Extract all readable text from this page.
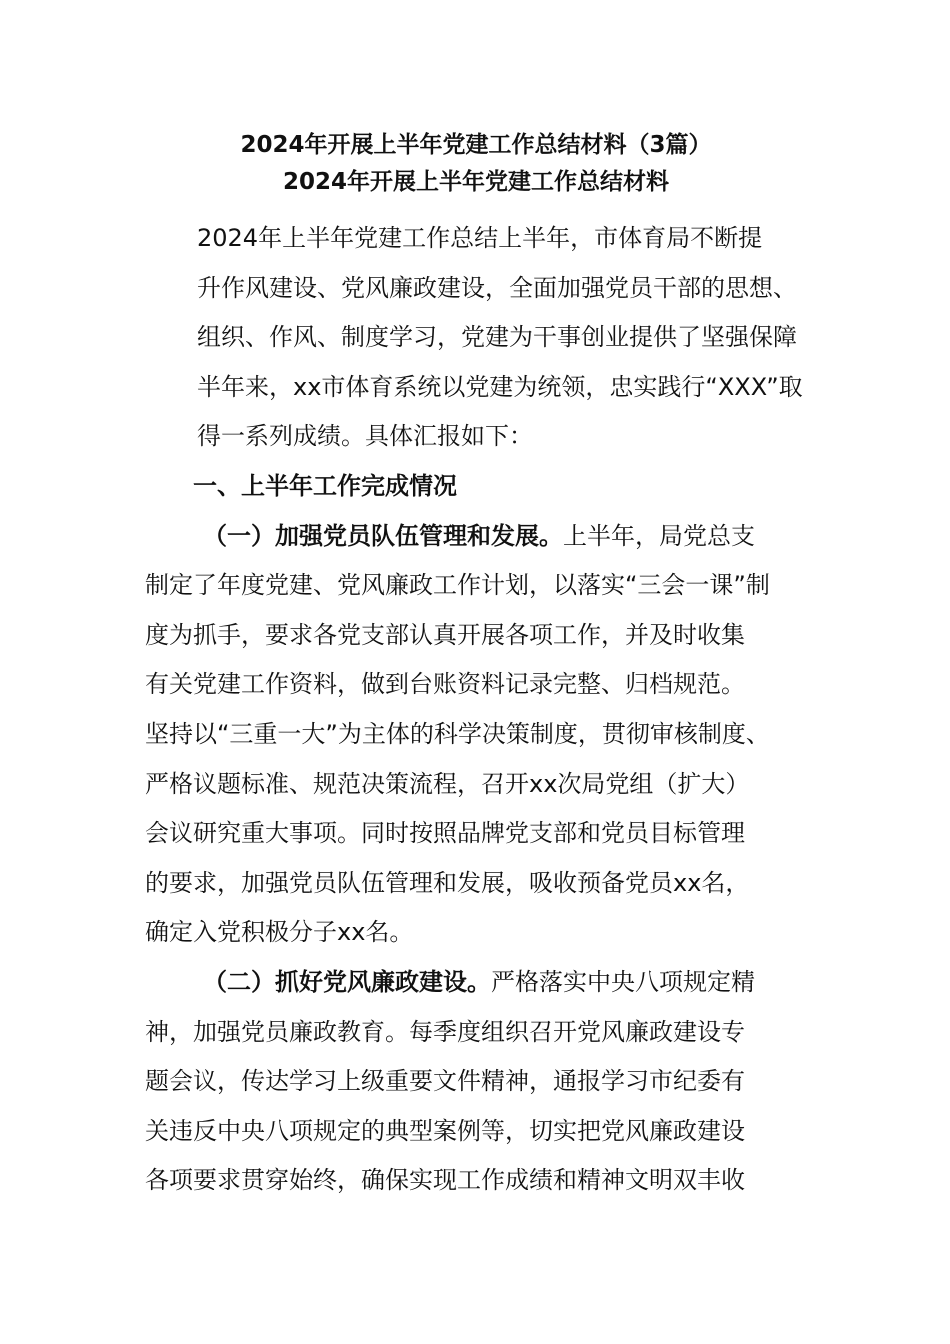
2024年开展上半年党建工作总结材料（3篇）
2024年开展上半年党建工作总结材料

2024年上半年党建工作总结上半年，市体育局不断提
升作风建设、党风廉政建设，全面加强党员干部的思想、
组织、作风、制度学习，党建为干事创业提供了坚强保障
半年来，xx市体育系统以党建为统领，忠实践行“XXX”取
得一系列成绩。具体汇报如下：

一、上半年工作完成情况

（一）加强党员队伍管理和发展。上半年，局党总支

制定了年度党建、党风廉政工作计划，以落实“三会一课”制
度为抓手，要求各党支部认真开展各项工作，并及时收集
有关党建工作资料，做到台账资料记录完整、归档规范。
坚持以“三重一大”为主体的科学决策制度，贯彻审核制度、
严格议题标准、规范决策流程，召开xx次局党组（扩大）
会议研究重大事项。同时按照品牌党支部和党员目标管理
的要求，加强党员队伍管理和发展，吸收预备党员xx名，
确定入党积极分子xx名。

（二）抓好党风廉政建设。严格落实中央八项规定精

神，加强党员廉政教育。每季度组织召开党风廉政建设专
题会议，传达学习上级重要文件精神，通报学习市纪委有
关违反中央八项规定的典型案例等，切实把党风廉政建设
各项要求贯穿始终，确保实现工作成绩和精神文明双丰收
